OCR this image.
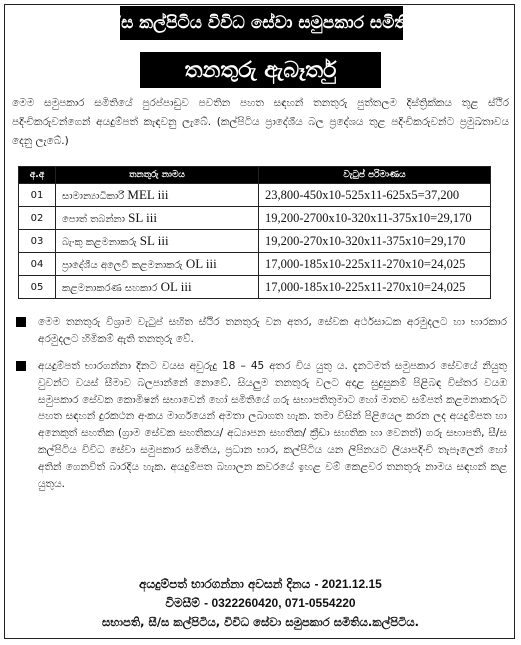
සී/ස කල්පිටිය විවිධ සේවා සමුපකාර සමිතිය
තනතුරු ඇබෑර්තු
මෙම සමුපකාර සමිතියේ පුරප්පාඩුව පවතින පහත සඳහන් තනතුරු පුත්තලම දිස්ත්‍රික්කය තුළ ස්ථිර පදිංචිකරුවන්ගෙන් අයදුම්පත් කැඳවනු ලැබේ. (කල්පිටිය ප්‍රාදේශීය බල ප්‍රදේශය තුළ පදිංචිකරුවන්ට ප්‍රමුඛතාවය දෙනු ලැබේ.)
අ.අ	තනතුරු නාමය	වැටුප් පරිමාණය
01	සාමාන්‍යාධිකාරී MEL iii	23,800-450x10-525x11-625x5=37,200
02	පොත් තබන්නා SL iii	19,200-2700x10-320x11-375x10=29,170
03	බැංකු කළමනාකරු SL iii	19,200-270x10-320x11-375x10=29,170
04	ප්‍රාදේශීය අලෙවි කළමනාකරු OL iii	17,000-185x10-225x11-270x10=24,025
05	කළමනාකරණ සහකාර OL iii	17,000-185x10-225x11-270x10=24,025
මෙම තනතුරු විශ්‍රාම වැටුප් සහිත ස්ථිර තනතුරු වන අතර, සේවක අර්ථසාධක අරමුදලට හා භාරකාර අරමුදලට හිමිකම් ඇති තනතුරු වේ.
අයදුම්පත් භාරගන්නා දිනට වයස අවුරුදු 18 – 45 අතර විය යුතු ය. දැනටමත් සමුපකාර සේවයේ නියුතු වුවන්ට වයස් සීමාව බලපාන්නේ නොවේ. සියලුම තනතුරු වලට අදාළ සුදුසුකම් පිළිබඳ විස්තර වයඹ සමුපකාර සේවක කොමිෂන් සභාවෙන් හෝ සමිතියේ ගරු සභාපතිතුමාට හෝ මාතව සම්පත් කළමනාකරුට පහත සඳහන් දුරකථන අංකය මාර්ගයෙන් අමතා ලබාගත හැක. තමා විසින් පිළියෙල කරන ලද අයදුම්පත හා අනෙකුත් සහතික (ග්‍රාම සේවක සහතිකය/ අධ්‍යාපන සහතික/ ක්‍රීඩා සහතික හා වෙනත්) ගරු සභාපති, සී/ස කල්පිටිය විවිධ සේවා සමුපකාර සමිතිය, ප්‍රධාන භාර, කල්පිටිය යන ලිපිනයට ලියාපදිංචි තැපෑලෙන් හෝ අතින් ගෙනවිත් බාරදිය හැක. අයදුම්පත බහාලන කවරයේ ඉහළ වම් කෙළවර තනතුරු නාමය සඳහන් කළ යුතුය.
අයදුම්පත් භාරගන්නා අවසන් දිනය - 2021.12.15
විමසීම් - 0322260420, 071-0554220
සභාපති, සී/ස කල්පිටිය, විවිධ සේවා සමුපකාර සමිතිය.කල්පිටිය.
